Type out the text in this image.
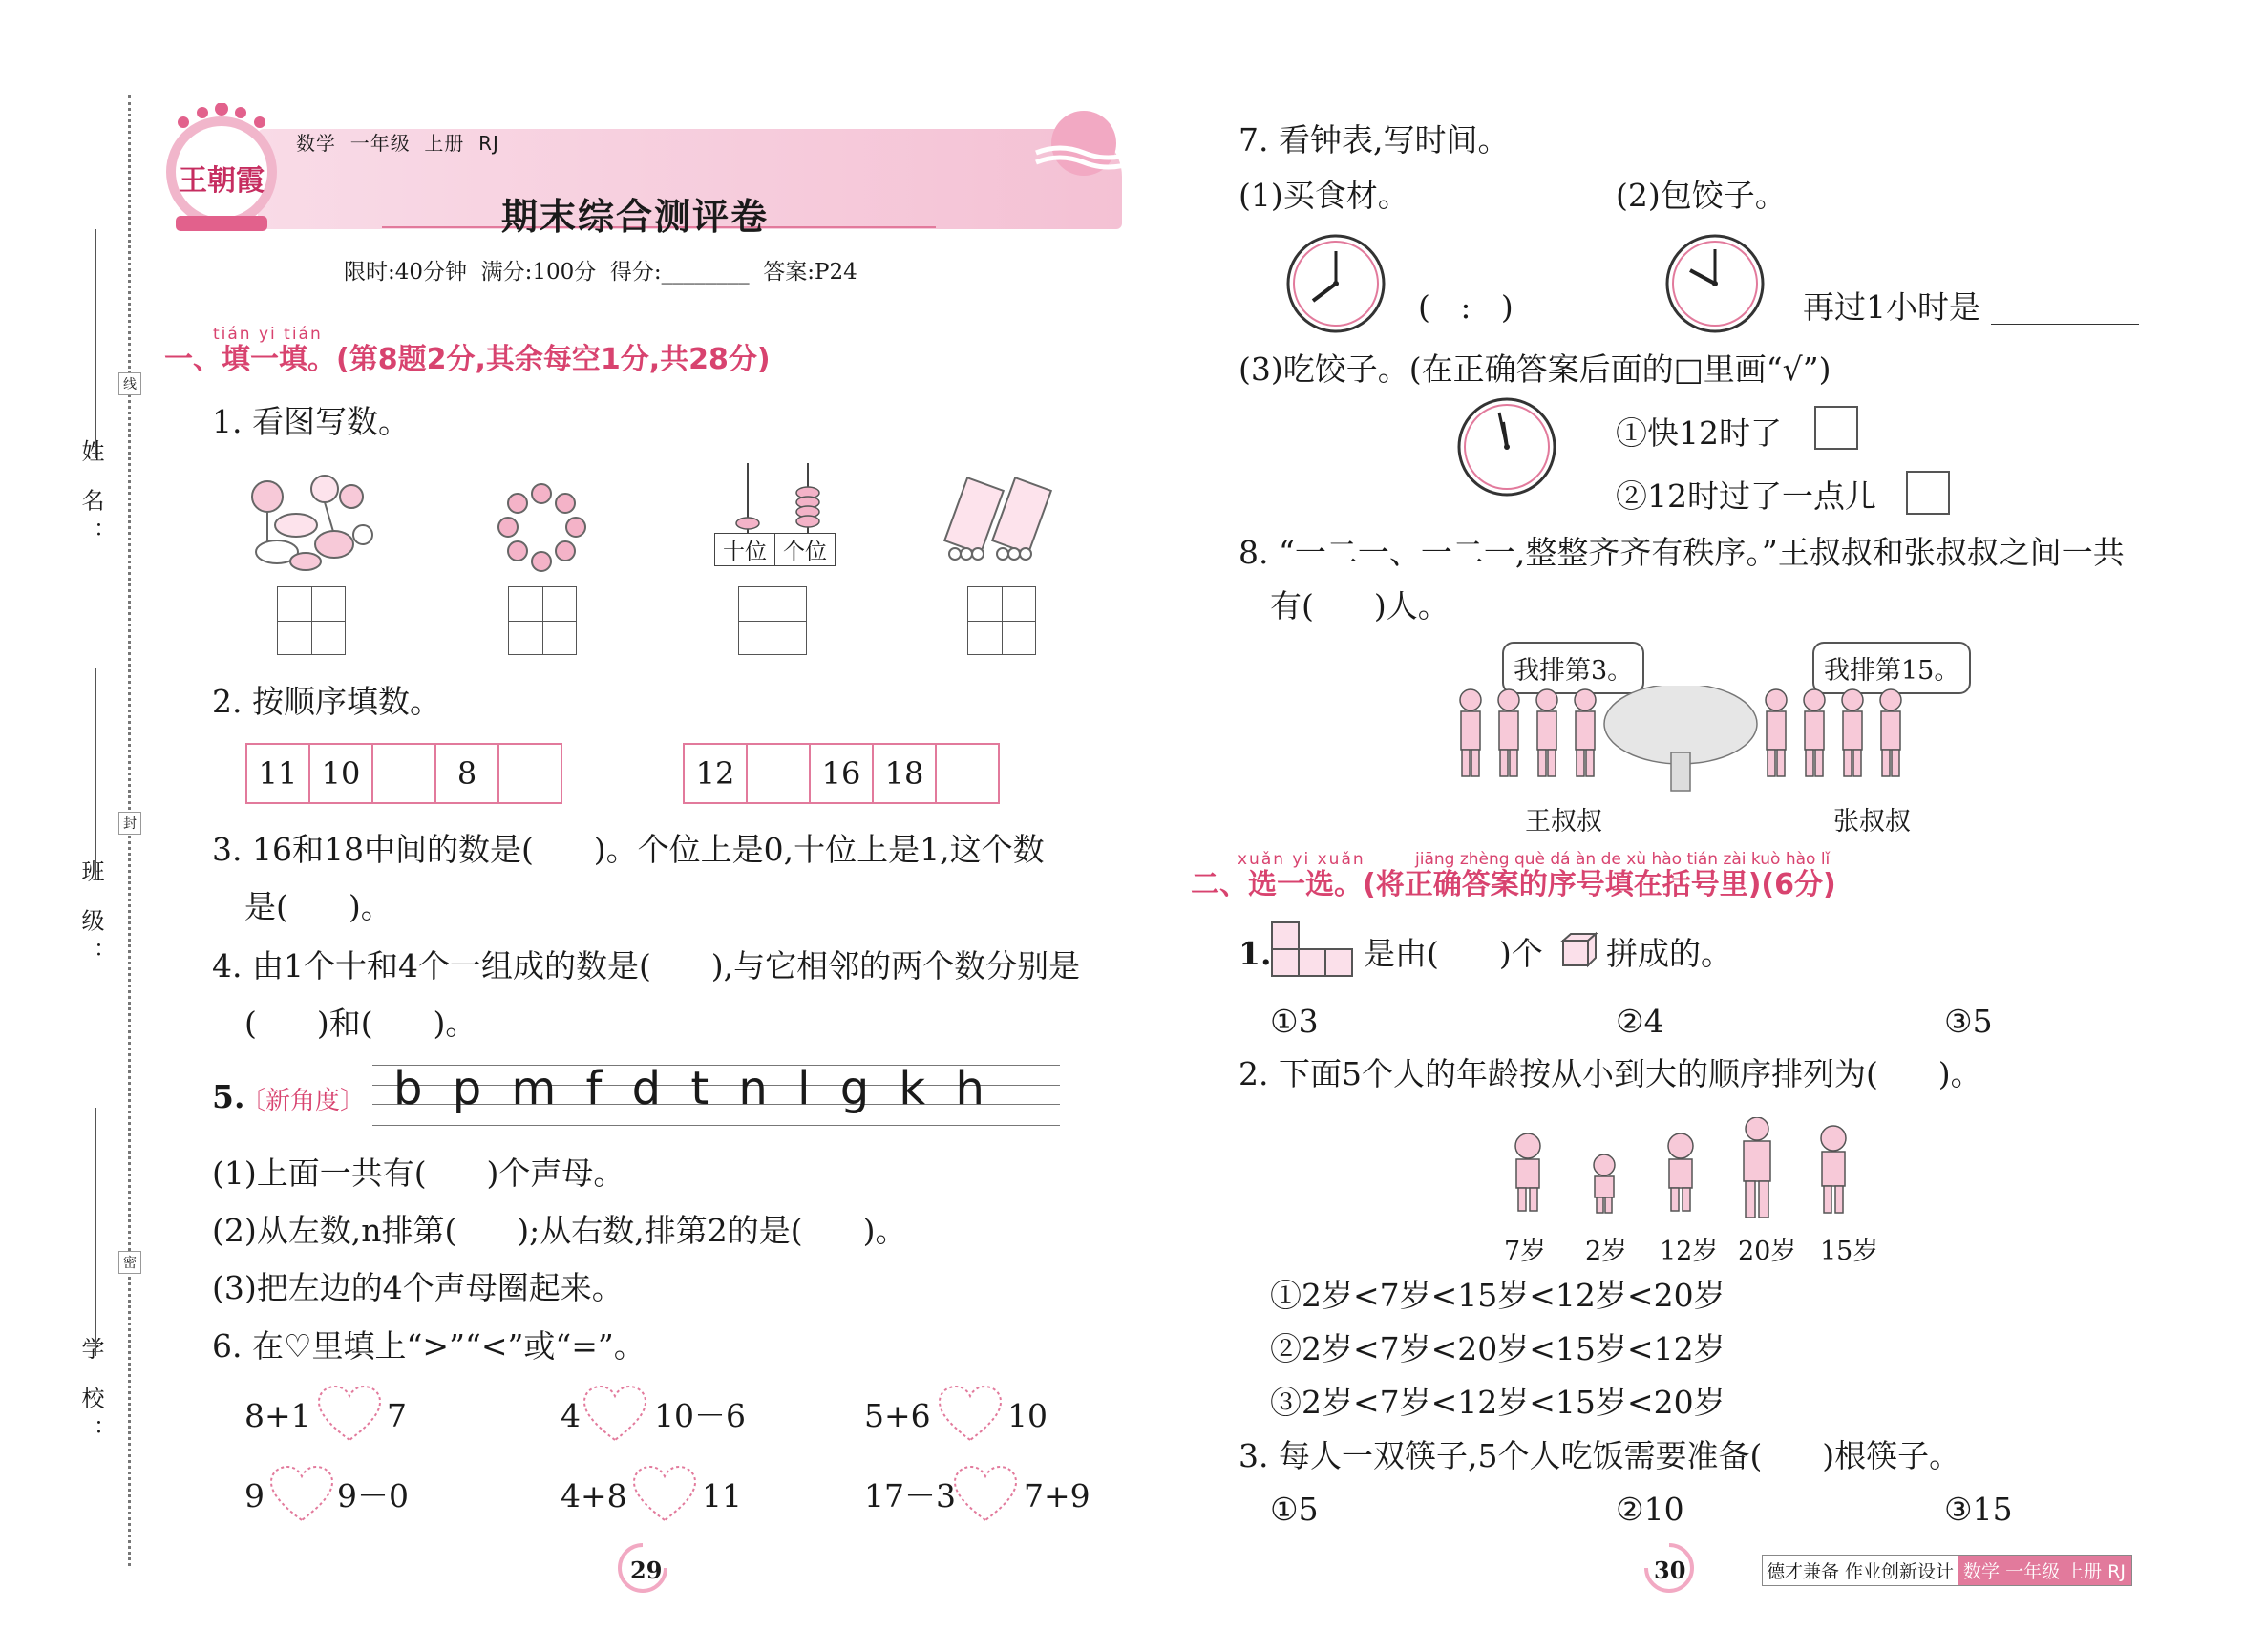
姓 名：
班 级：
学 校：
线
封
密
王朝霞
数学  一年级  上册  RJ
期末综合测评卷
限时:40分钟  满分:100分  得分:________  答案:P24
tián yi tián
一、填一填。(第8题2分,其余每空1分,共28分)
1. 看图写数。
十位 个位
2. 按顺序填数。
11 10	8	12	16 18
3. 16和18中间的数是(      )。个位上是0,十位上是1,这个数
是(      )。
4. 由1个十和4个一组成的数是(      ),与它相邻的两个数分别是
(      )和(      )。
5.
〔新角度〕 b p m f d t n l g k h
(1)上面一共有(      )个声母。
(2)从左数,n排第(      );从右数,排第2的是(      )。
(3)把左边的4个声母圈起来。
6. 在♡里填上“>”“<”或“=”。
8+1 7	4 10－6	5+6 10
9 9－0	4+8 11	17－3 7+9
29
7. 看钟表,写时间。
(1)买食材。	(2)包饺子。
(   :   )	再过1小时是
(3)吃饺子。(在正确答案后面的□里画“√”)
①快12时了
②12时过了一点儿
8. “一二一、一二一,整整齐齐有秩序。”王叔叔和张叔叔之间一共
有(      )人。
我排第3。	我排第15。
王叔叔	张叔叔
xuǎn yi xuǎn	jiāng zhèng què dá àn de xù hào tián zài kuò hào lǐ
二、选一选。(将正确答案的序号填在括号里)(6分)
1.	是由(      )个 拼成的。
①3	②4	③5
2. 下面5个人的年龄按从小到大的顺序排列为(      )。
7岁 2岁 12岁 20岁 15岁
①2岁<7岁<15岁<12岁<20岁
②2岁<7岁<20岁<15岁<12岁
③2岁<7岁<12岁<15岁<20岁
3. 每人一双筷子,5个人吃饭需要准备(      )根筷子。
①5	②10	③15
30	德才兼备 作业创新设计 数学 一年级 上册 RJ
